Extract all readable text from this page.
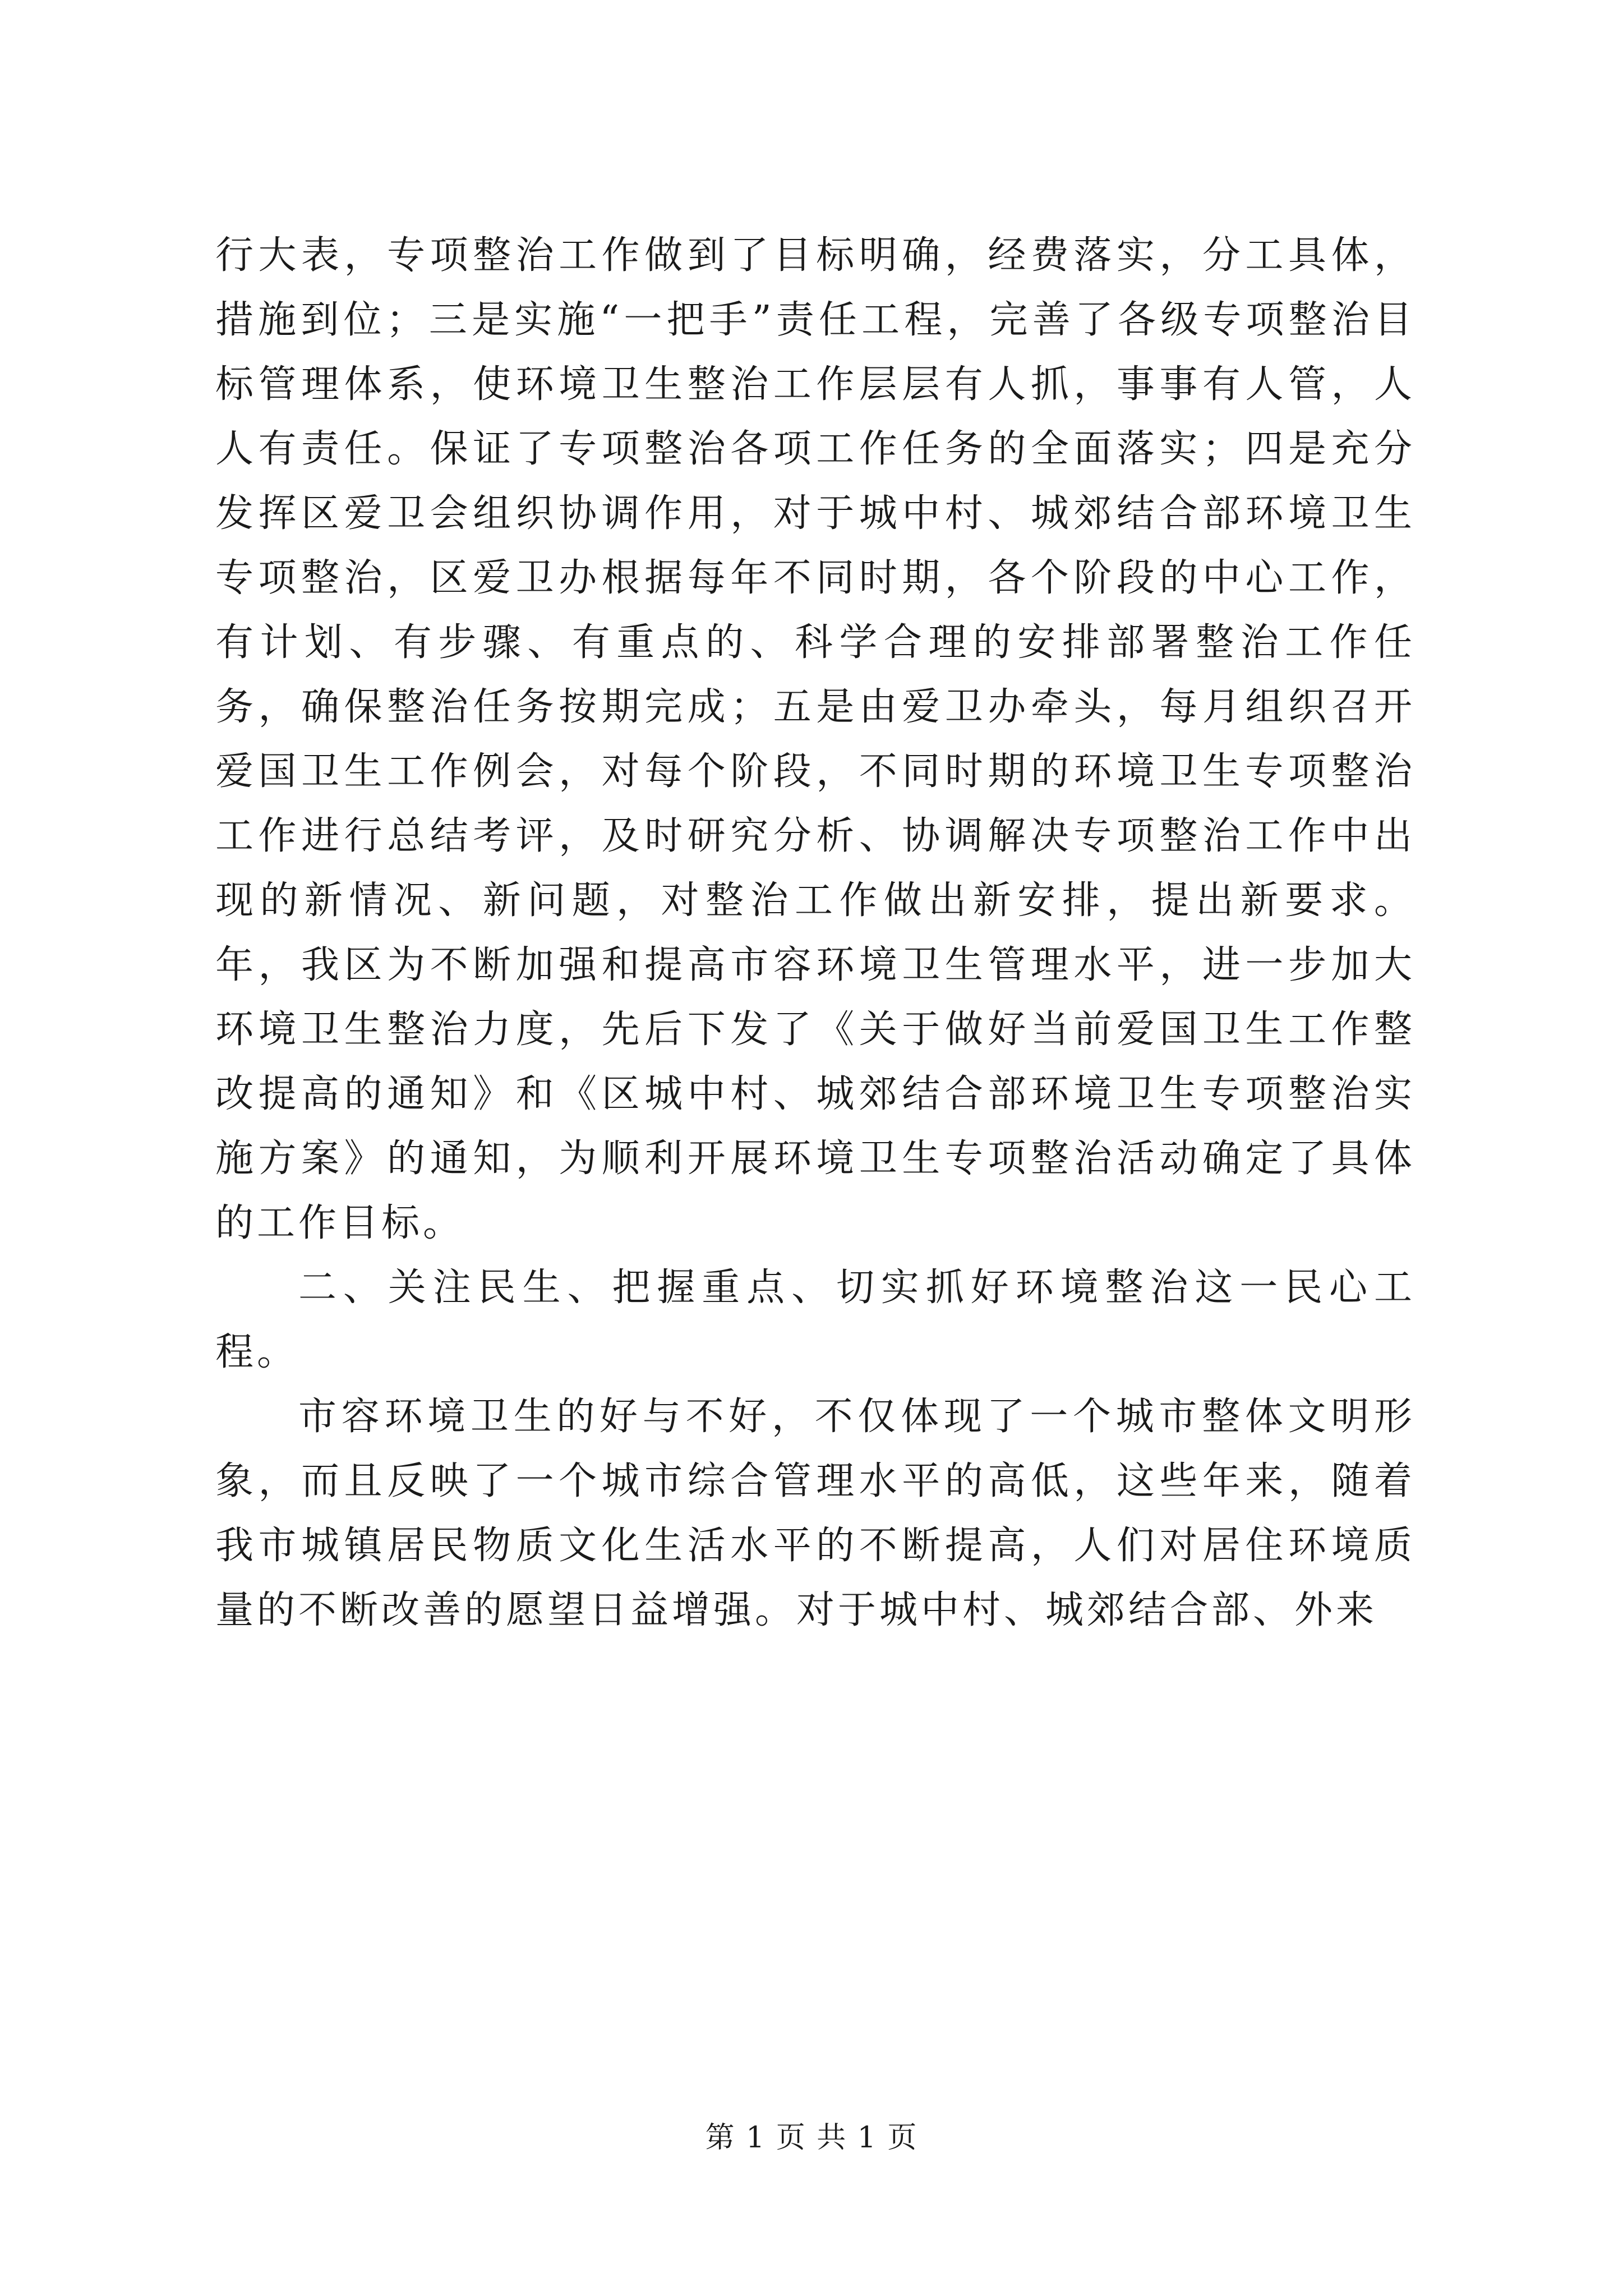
行大表，专项整治工作做到了目标明确，经费落实，分工具体，措施到位；三是实施“一把手”责任工程，完善了各级专项整治目标管理体系，使环境卫生整治工作层层有人抓，事事有人管，人人有责任。保证了专项整治各项工作任务的全面落实；四是充分发挥区爱卫会组织协调作用，对于城中村、城郊结合部环境卫生专项整治，区爱卫办根据每年不同时期，各个阶段的中心工作，有计划、有步骤、有重点的、科学合理的安排部署整治工作任务，确保整治任务按期完成；五是由爱卫办牵头，每月组织召开爱国卫生工作例会，对每个阶段，不同时期的环境卫生专项整治工作进行总结考评，及时研究分析、协调解决专项整治工作中出现的新情况、新问题，对整治工作做出新安排，提出新要求。年，我区为不断加强和提高市容环境卫生管理水平，进一步加大环境卫生整治力度，先后下发了《关于做好当前爱国卫生工作整改提高的通知》和《区城中村、城郊结合部环境卫生专项整治实施方案》的通知，为顺利开展环境卫生专项整治活动确定了具体的工作目标。

二、关注民生、把握重点、切实抓好环境整治这一民心工程。

市容环境卫生的好与不好，不仅体现了一个城市整体文明形象，而且反映了一个城市综合管理水平的高低，这些年来，随着我市城镇居民物质文化生活水平的不断提高，人们对居住环境质量的不断改善的愿望日益增强。对于城中村、城郊结合部、外来

第 1 页 共 1 页
